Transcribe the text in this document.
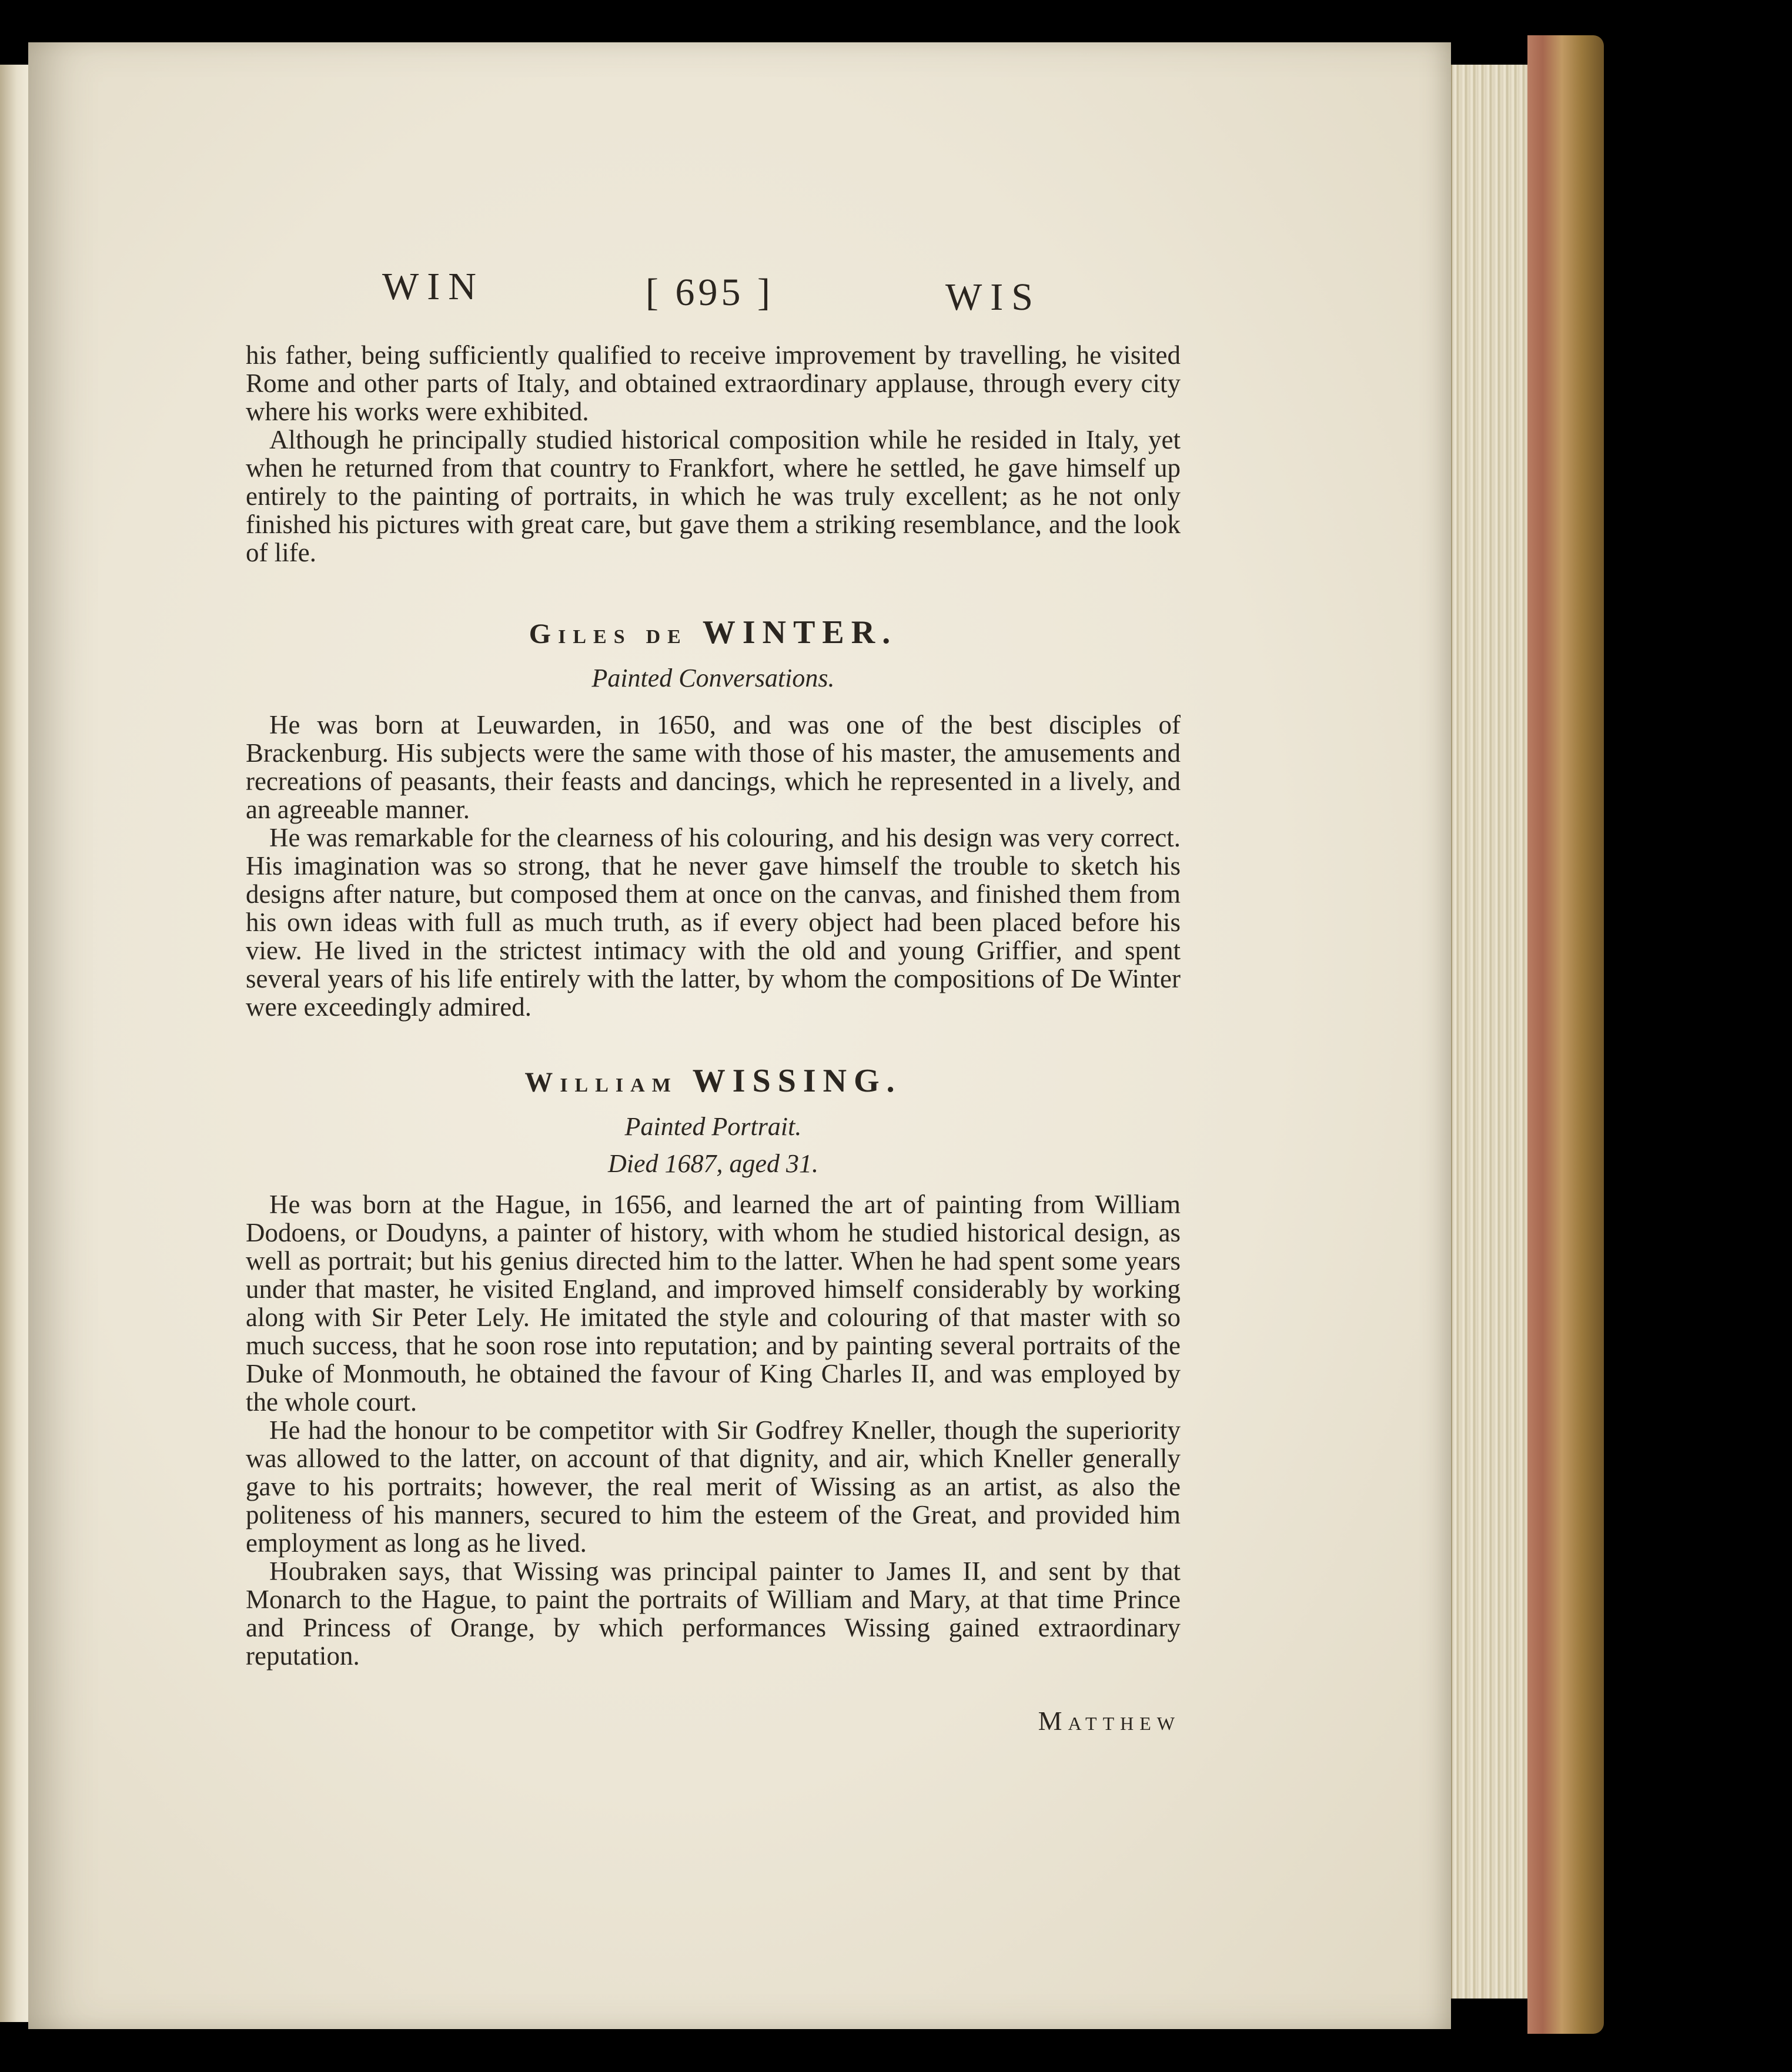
WIN	[ 695 ]	WIS

his father, being sufficiently qualified to receive improvement by travelling, he visited Rome and other parts of Italy, and obtained extraordinary applause, through every city where his works were exhibited.

Although he principally studied historical composition while he resided in Italy, yet when he returned from that country to Frankfort, where he settled, he gave himself up entirely to the painting of portraits, in which he was truly excellent; as he not only finished his pictures with great care, but gave them a striking resemblance, and the look of life.

Giles de WINTER.

Painted Conversations.

He was born at Leuwarden, in 1650, and was one of the best disciples of Brackenburg. His subjects were the same with those of his master, the amusements and recreations of peasants, their feasts and dancings, which he represented in a lively, and an agreeable manner.

He was remarkable for the clearness of his colouring, and his design was very correct. His imagination was so strong, that he never gave himself the trouble to sketch his designs after nature, but composed them at once on the canvas, and finished them from his own ideas with full as much truth, as if every object had been placed before his view. He lived in the strictest intimacy with the old and young Griffier, and spent several years of his life entirely with the latter, by whom the compositions of De Winter were exceedingly admired.

William WISSING.

Painted Portrait.

Died 1687, aged 31.

He was born at the Hague, in 1656, and learned the art of painting from William Dodoens, or Doudyns, a painter of history, with whom he studied historical design, as well as portrait; but his genius directed him to the latter. When he had spent some years under that master, he visited England, and improved himself considerably by working along with Sir Peter Lely. He imitated the style and colouring of that master with so much success, that he soon rose into reputation; and by painting several portraits of the Duke of Monmouth, he obtained the favour of King Charles II, and was employed by the whole court.

He had the honour to be competitor with Sir Godfrey Kneller, though the superiority was allowed to the latter, on account of that dignity, and air, which Kneller generally gave to his portraits; however, the real merit of Wissing as an artist, as also the politeness of his manners, secured to him the esteem of the Great, and provided him employment as long as he lived.

Houbraken says, that Wissing was principal painter to James II, and sent by that Monarch to the Hague, to paint the portraits of William and Mary, at that time Prince and Princess of Orange, by which performances Wissing gained extraordinary reputation.

Matthew
